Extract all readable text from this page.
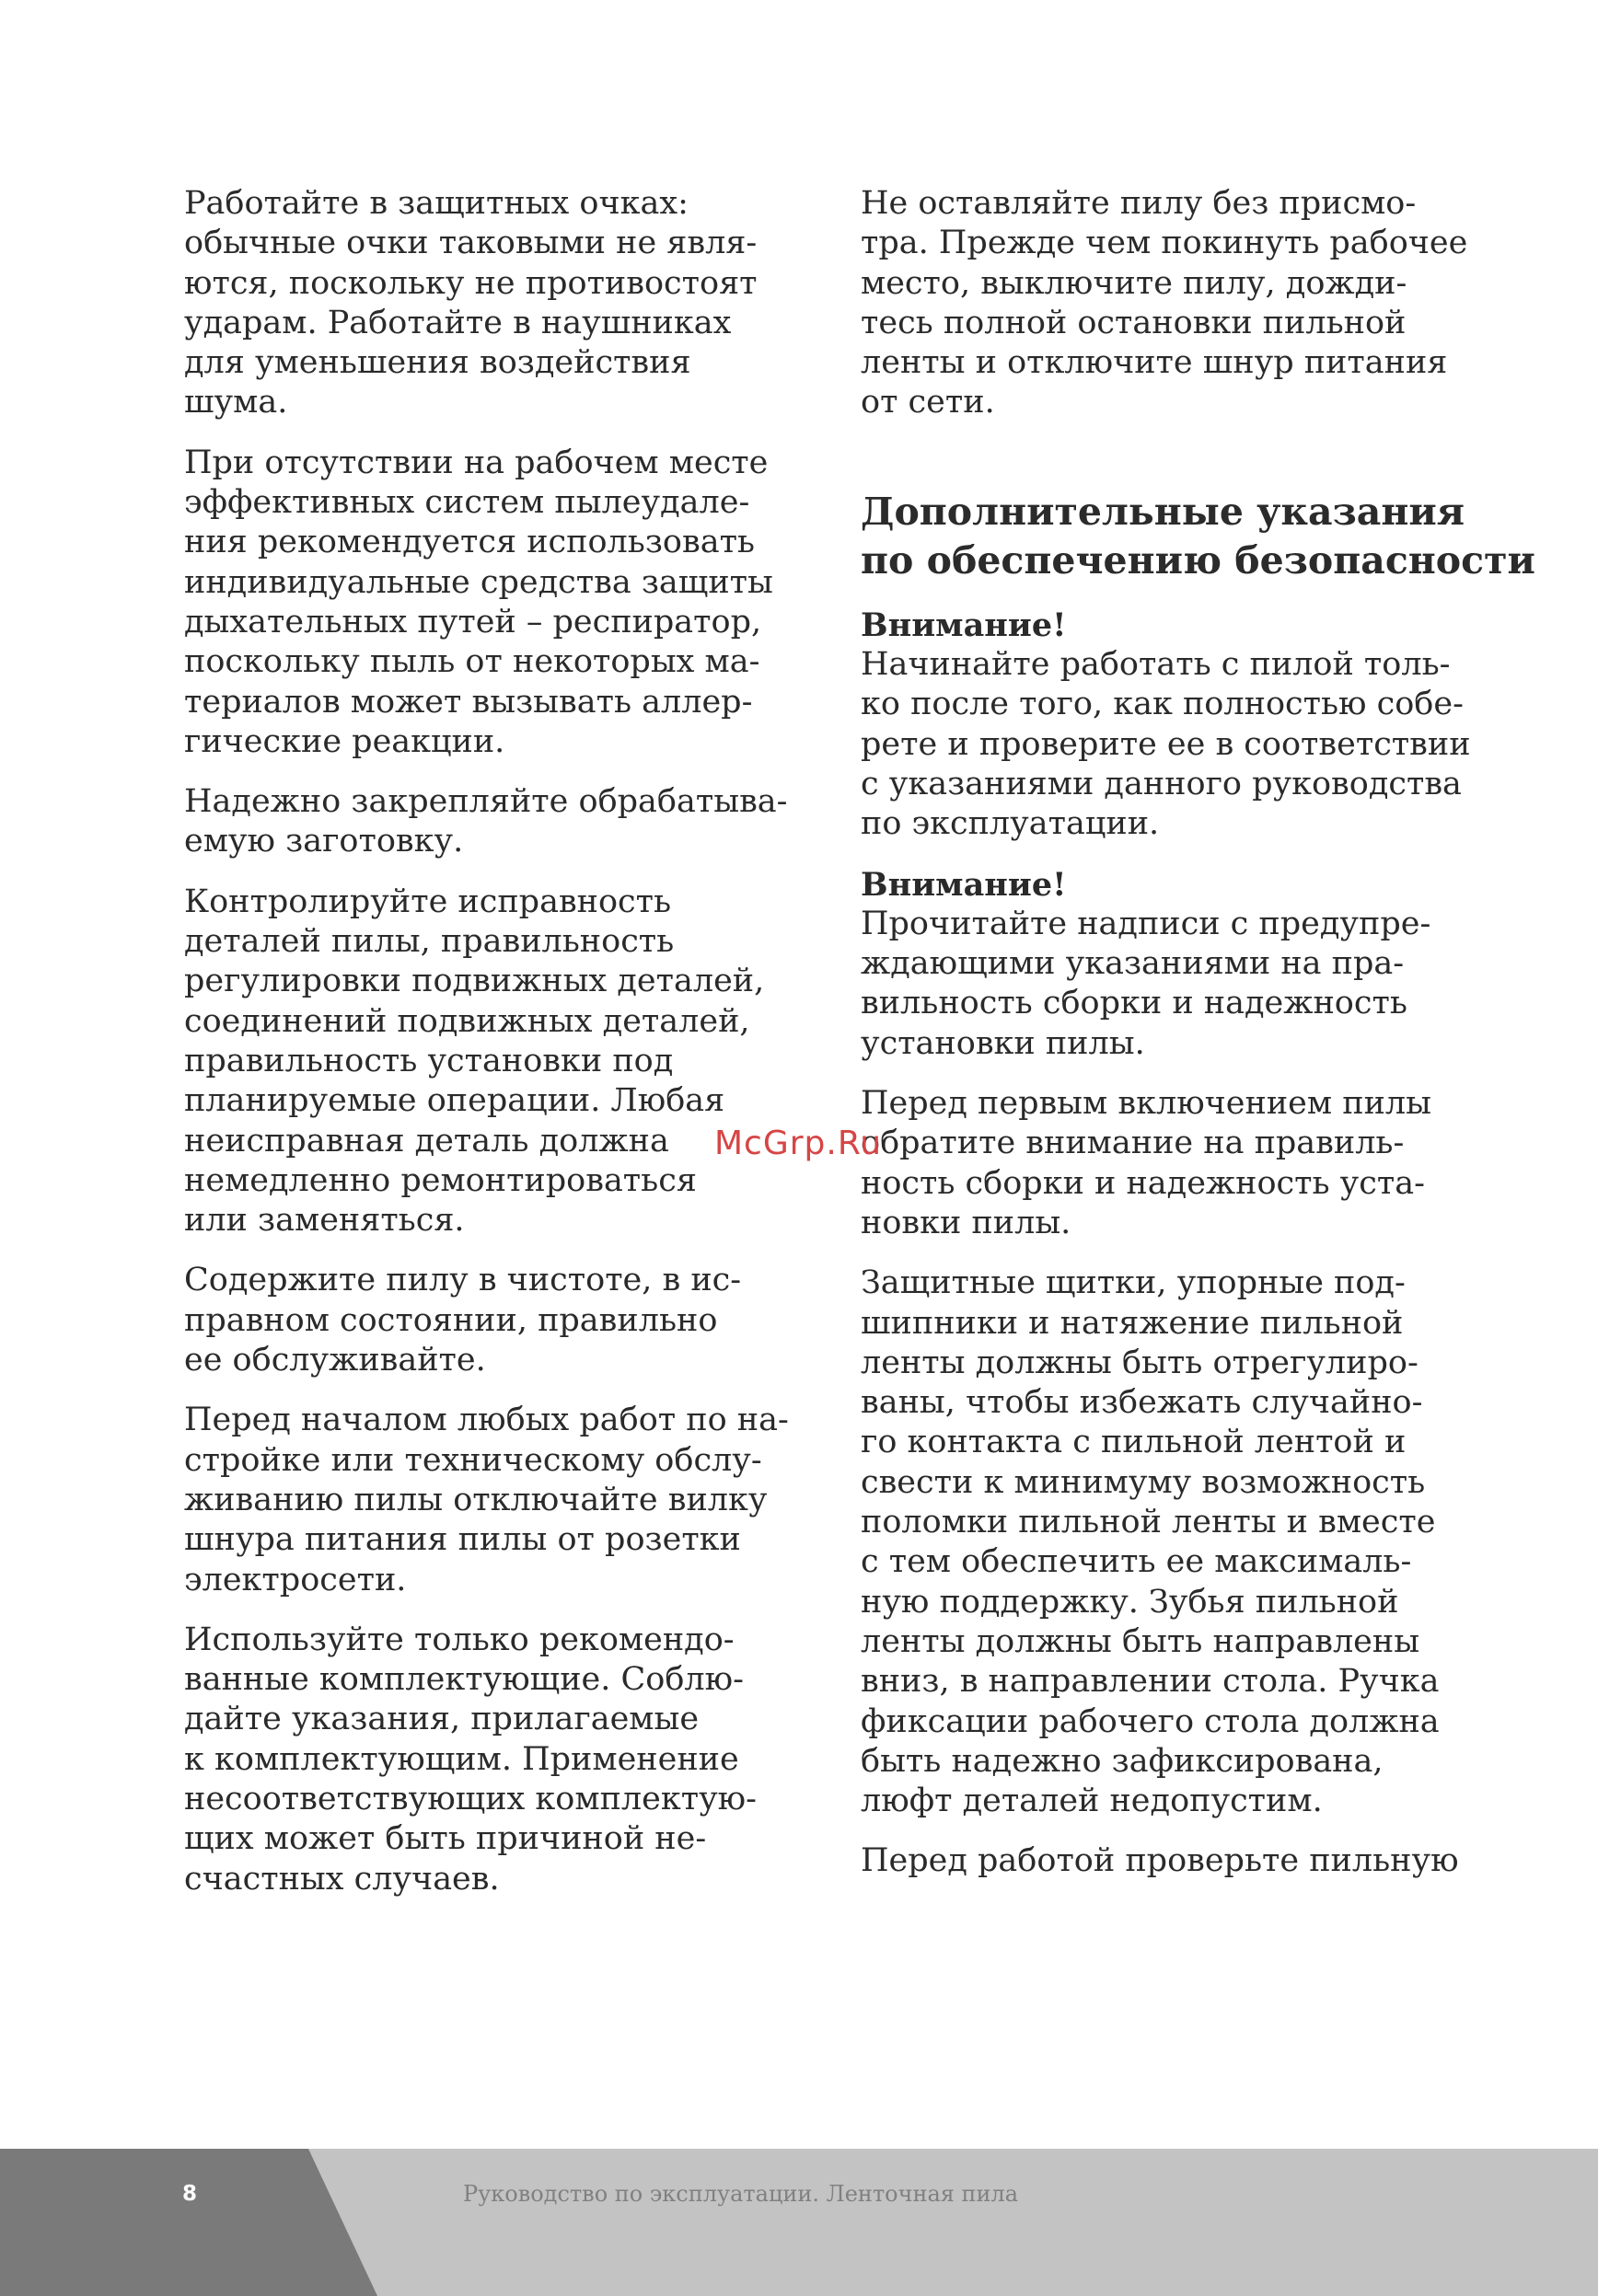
Работайте в защитных очках:
обычные очки таковыми не явля-
ются, поскольку не противостоят
ударам. Работайте в наушниках
для уменьшения воздействия
шума.
При отсутствии на рабочем месте
эффективных систем пылеудале-
ния рекомендуется использовать
индивидуальные средства защиты
дыхательных путей – респиратор,
поскольку пыль от некоторых ма-
териалов может вызывать аллер-
гические реакции.
Надежно закрепляйте обрабатыва-
емую заготовку.
Контролируйте исправность
деталей пилы, правильность
регулировки подвижных деталей,
соединений подвижных деталей,
правильность установки под
планируемые операции. Любая
неисправная деталь должна
немедленно ремонтироваться
или заменяться.
Содержите пилу в чистоте, в ис-
правном состоянии, правильно
ее обслуживайте.
Перед началом любых работ по на-
стройке или техническому обслу-
живанию пилы отключайте вилку
шнура питания пилы от розетки
электросети.
Используйте только рекомендо-
ванные комплектующие. Соблю-
дайте указания, прилагаемые
к комплектующим. Применение
несоответствующих комплектую-
щих может быть причиной не-
счастных случаев.
Не оставляйте пилу без присмо-
тра. Прежде чем покинуть рабочее
место, выключите пилу, дожди-
тесь полной остановки пильной
ленты и отключите шнур питания
от сети.
Дополнительные указания
по обеспечению безопасности
Внимание!
Начинайте работать с пилой толь-
ко после того, как полностью собе-
рете и проверите ее в соответствии
с указаниями данного руководства
по эксплуатации.
Внимание!
Прочитайте надписи с предупре-
ждающими указаниями на пра-
вильность сборки и надежность
установки пилы.
Перед первым включением пилы
обратите внимание на правиль-
ность сборки и надежность уста-
новки пилы.
Защитные щитки, упорные под-
шипники и натяжение пильной
ленты должны быть отрегулиро-
ваны, чтобы избежать случайно-
го контакта с пильной лентой и
свести к минимуму возможность
поломки пильной ленты и вместе
с тем обеспечить ее максималь-
ную поддержку. Зубья пильной
ленты должны быть направлены
вниз, в направлении стола. Ручка
фиксации рабочего стола должна
быть надежно зафиксирована,
люфт деталей недопустим.
Перед работой проверьте пильную
McGrp.Ru
8	Руководство по эксплуатации. Ленточная пила
